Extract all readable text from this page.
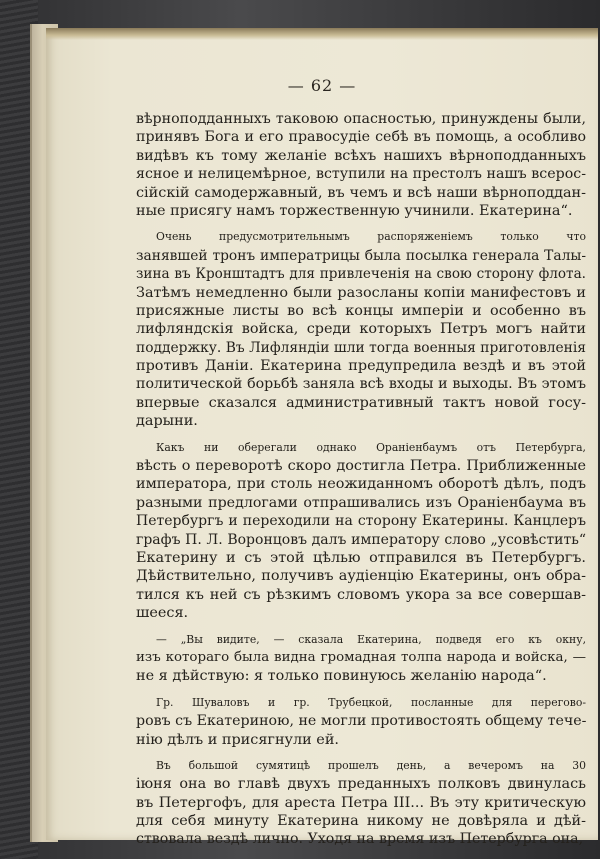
— 62 —
вѣрноподданныхъ таковою опасностью, принуждены были,
принявъ Бога и его правосудіе себѣ въ помощь, а особливо
видѣвъ къ тому желаніе всѣхъ нашихъ вѣрноподданныхъ
ясное и нелицемѣрное, вступили на престолъ нашъ всерос-
сійскій самодержавный, въ чемъ и всѣ наши вѣрноподдан-
ные присягу намъ торжественную учинили. Екатерина“.
Очень предусмотрительнымъ распоряженіемъ только что
занявшей тронъ императрицы была посылка генерала Талы-
зина въ Кронштадтъ для привлеченія на свою сторону флота.
Затѣмъ немедленно были разосланы копіи манифестовъ и
присяжные листы во всѣ концы имперіи и особенно въ
лифляндскія войска, среди которыхъ Петръ могъ найти
поддержку. Въ Лифляндіи шли тогда военныя приготовленія
противъ Даніи. Екатерина предупредила вездѣ и въ этой
политической борьбѣ заняла всѣ входы и выходы. Въ этомъ
впервые сказался административный тактъ новой госу-
дарыни.
Какъ ни оберегали однако Ораніенбаумъ отъ Петербурга,
вѣсть о переворотѣ скоро достигла Петра. Приближенные
императора, при столь неожиданномъ оборотѣ дѣлъ, подъ
разными предлогами отпрашивались изъ Ораніенбаума въ
Петербургъ и переходили на сторону Екатерины. Канцлеръ
графъ П. Л. Воронцовъ далъ императору слово „усовѣстить“
Екатерину и съ этой цѣлью отправился въ Петербургъ.
Дѣйствительно, получивъ аудіенцію Екатерины, онъ обра-
тился къ ней съ рѣзкимъ словомъ укора за все совершав-
шееся.
— „Вы видите, — сказала Екатерина, подведя его къ окну,
изъ котораго была видна громадная толпа народа и войска, —
не я дѣйствую: я только повинуюсь желанію народа“.
Гр. Шуваловъ и гр. Трубецкой, посланные для перегово-
ровъ съ Екатериною, не могли противостоять общему тече-
нію дѣлъ и присягнули ей.
Въ большой сумятицѣ прошелъ день, а вечеромъ на 30
іюня она во главѣ двухъ преданныхъ полковъ двинулась
въ Петергофъ, для ареста Петра III... Въ эту критическую
для себя минуту Екатерина никому не довѣряла и дѣй-
ствовала вездѣ лично. Уходя на время изъ Петербурга она,
